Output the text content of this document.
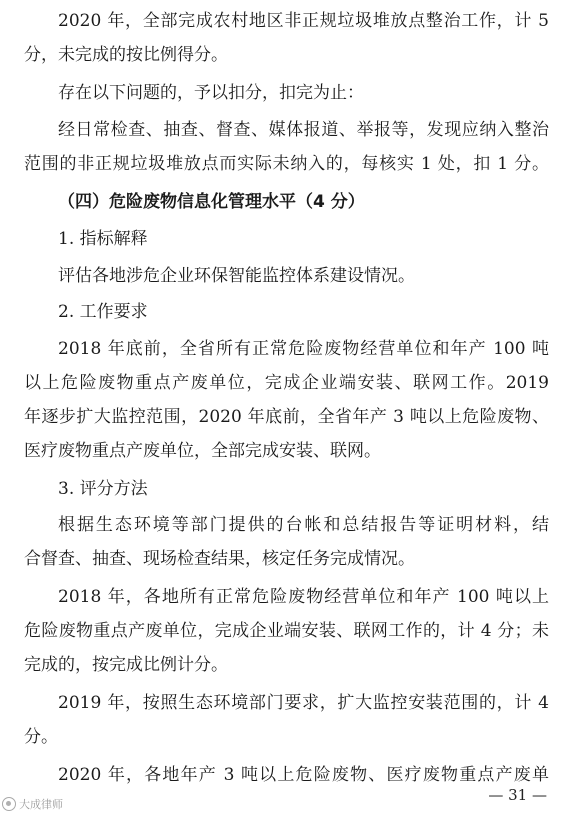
2020 年，全部完成农村地区非正规垃圾堆放点整治工作，计 5
分，未完成的按比例得分。
存在以下问题的，予以扣分，扣完为止：
经日常检查、抽查、督查、媒体报道、举报等，发现应纳入整治
范围的非正规垃圾堆放点而实际未纳入的，每核实 1 处，扣 1 分。
（四）危险废物信息化管理水平（4 分）
1. 指标解释
评估各地涉危企业环保智能监控体系建设情况。
2. 工作要求
2018 年底前，全省所有正常危险废物经营单位和年产 100 吨
以上危险废物重点产废单位，完成企业端安装、联网工作。2019
年逐步扩大监控范围，2020 年底前，全省年产 3 吨以上危险废物、
医疗废物重点产废单位，全部完成安装、联网。
3. 评分方法
根据生态环境等部门提供的台帐和总结报告等证明材料，结
合督查、抽查、现场检查结果，核定任务完成情况。
2018 年，各地所有正常危险废物经营单位和年产 100 吨以上
危险废物重点产废单位，完成企业端安装、联网工作的，计 4 分；未
完成的，按完成比例计分。
2019 年，按照生态环境部门要求，扩大监控安装范围的，计 4
分。
2020 年，各地年产 3 吨以上危险废物、医疗废物重点产废单
大成律师
— 31 —
